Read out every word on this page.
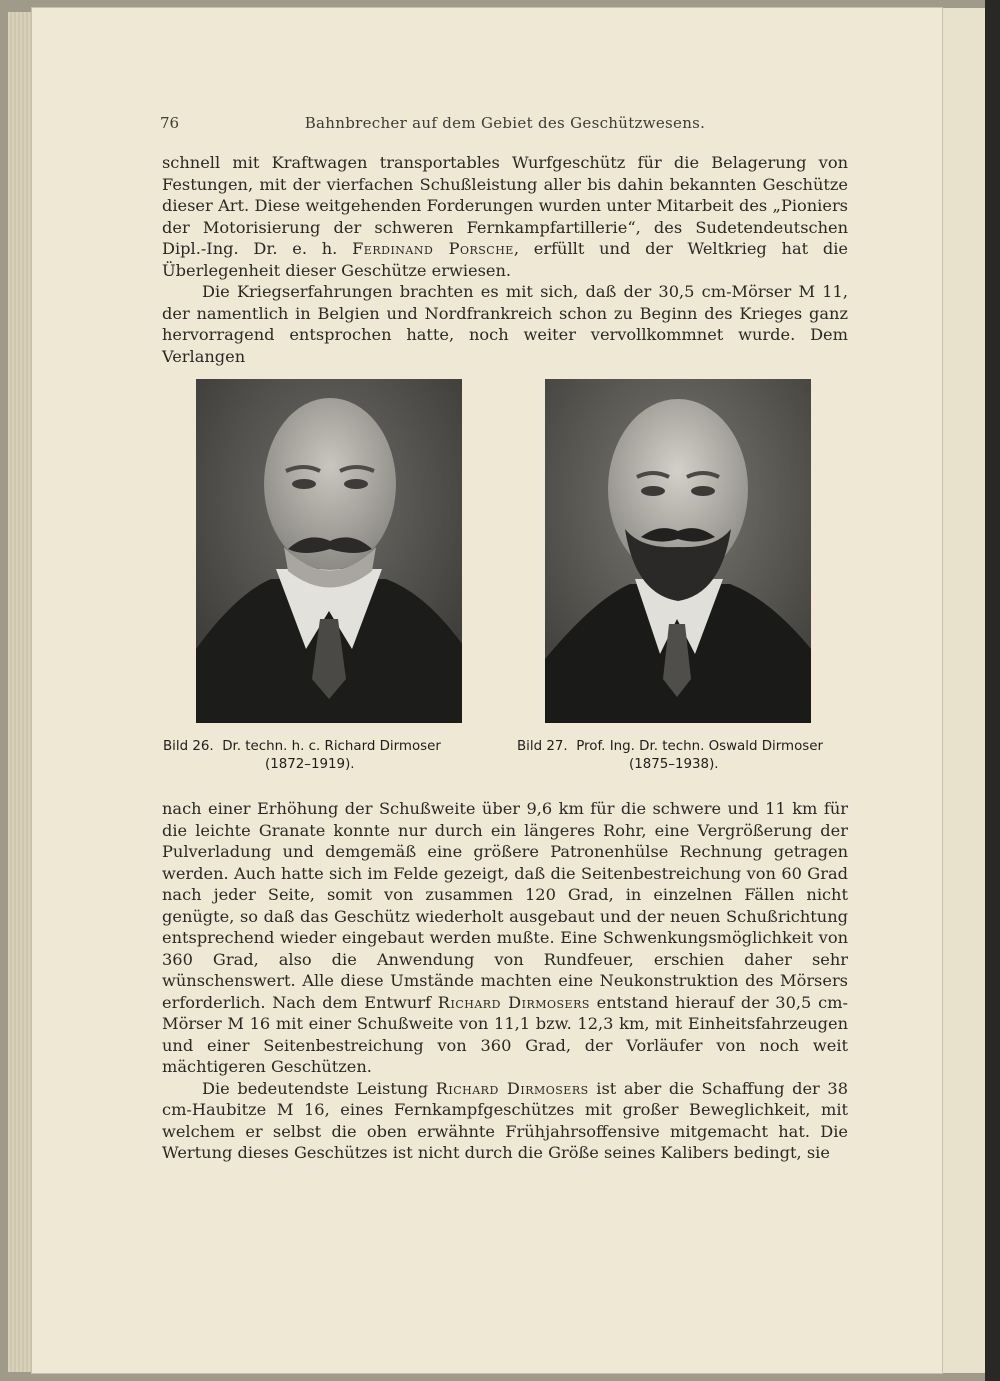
76	Bahnbrecher auf dem Gebiet des Geschützwesens.

schnell mit Kraftwagen transportables Wurfgeschütz für die Belagerung von Festungen, mit der vierfachen Schußleistung aller bis dahin bekannten Geschütze dieser Art. Diese weitgehenden Forderungen wurden unter Mitarbeit des „Pioniers der Motorisierung der schweren Fernkampfartillerie“, des Sudetendeutschen Dipl.-Ing. Dr. e. h. Ferdinand Porsche, erfüllt und der Weltkrieg hat die Überlegenheit dieser Geschütze erwiesen.

Die Kriegserfahrungen brachten es mit sich, daß der 30,5 cm-Mörser M 11, der namentlich in Belgien und Nordfrankreich schon zu Beginn des Krieges ganz hervorragend entsprochen hatte, noch weiter vervollkommnet wurde. Dem Verlangen

Bild 26. Dr. techn. h. c. Richard Dirmoser
(1872–1919).
Bild 27. Prof. Ing. Dr. techn. Oswald Dirmoser
(1875–1938).

nach einer Erhöhung der Schußweite über 9,6 km für die schwere und 11 km für die leichte Granate konnte nur durch ein längeres Rohr, eine Vergrößerung der Pulverladung und demgemäß eine größere Patronenhülse Rechnung getragen werden. Auch hatte sich im Felde gezeigt, daß die Seitenbestreichung von 60 Grad nach jeder Seite, somit von zusammen 120 Grad, in einzelnen Fällen nicht genügte, so daß das Geschütz wiederholt ausgebaut und der neuen Schußrichtung entsprechend wieder eingebaut werden mußte. Eine Schwenkungsmöglichkeit von 360 Grad, also die Anwendung von Rundfeuer, erschien daher sehr wünschenswert. Alle diese Umstände machten eine Neukonstruktion des Mörsers erforderlich. Nach dem Entwurf Richard Dirmosers entstand hierauf der 30,5 cm-Mörser M 16 mit einer Schußweite von 11,1 bzw. 12,3 km, mit Einheitsfahrzeugen und einer Seitenbestreichung von 360 Grad, der Vorläufer von noch weit mächtigeren Geschützen.

Die bedeutendste Leistung Richard Dirmosers ist aber die Schaffung der 38 cm-Haubitze M 16, eines Fernkampfgeschützes mit großer Beweglichkeit, mit welchem er selbst die oben erwähnte Frühjahrsoffensive mitgemacht hat. Die Wertung dieses Geschützes ist nicht durch die Größe seines Kalibers bedingt, sie
